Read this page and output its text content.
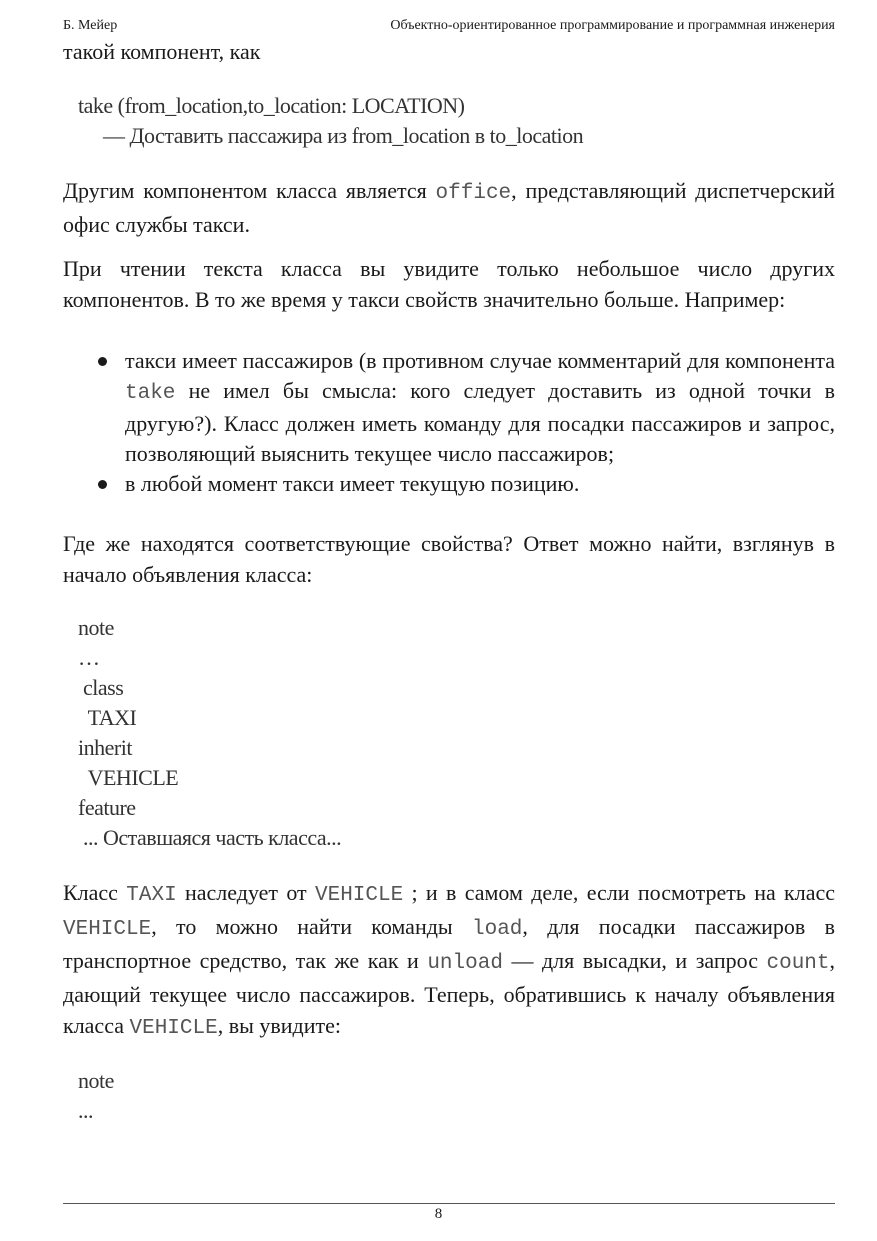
Б. Мейер	Объектно-ориентированное программирование и программная инженерия

такой компонент, как

take (from_location,to_location: LOCATION)
— Доставить пассажира из from_location в to_location

Другим компонентом класса является office, представляющий диспетчерский офис службы такси.

При чтении текста класса вы увидите только небольшое число других компонентов. В то же время у такси свойств значительно больше. Например:

такси имеет пассажиров (в противном случае комментарий для компонента take не имел бы смысла: кого следует доставить из одной точки в другую?). Класс должен иметь команду для посадки пассажиров и запрос, позволяющий выяснить текущее число пассажиров;
в любой момент такси имеет текущую позицию.

Где же находятся соответствующие свойства? Ответ можно найти, взглянув в начало объявления класса:

note
…
class
TAXI
inherit
VEHICLE
feature
... Оставшаяся часть класса...

Класс TAXI наследует от VEHICLE ; и в самом деле, если посмотреть на класс VEHICLE, то можно найти команды load, для посадки пассажиров в транспортное средство, так же как и unload — для высадки, и запрос count, дающий текущее число пассажиров. Теперь, обратившись к началу объявления класса VEHICLE, вы увидите:

note
...
8
